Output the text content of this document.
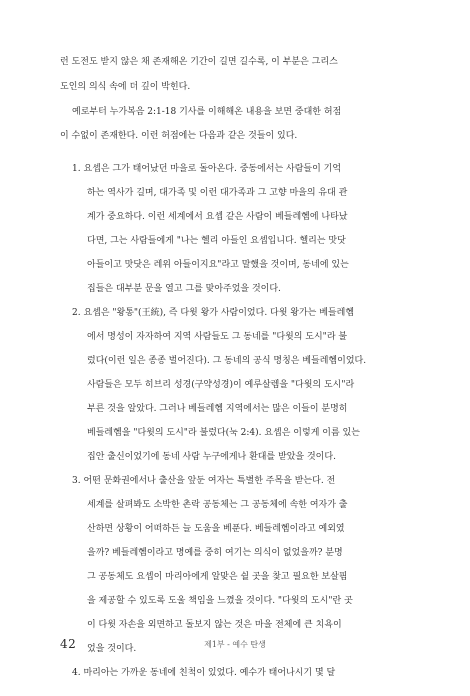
런 도전도 받지 않은 채 존재해온 기간이 길면 길수록, 이 부분은 그리스
도인의 의식 속에 더 깊이 박힌다.
예로부터 누가복음 2:1-18 기사를 이해해온 내용을 보면 중대한 허점
이 수없이 존재한다. 이런 허점에는 다음과 같은 것들이 있다.
1. 요셉은 그가 태어났던 마을로 돌아온다. 중동에서는 사람들이 기억
하는 역사가 길며, 대가족 및 이런 대가족과 그 고향 마을의 유대 관
계가 중요하다. 이런 세계에서 요셉 같은 사람이 베들레헴에 나타났
다면, 그는 사람들에게 "나는 헬리 아들인 요셉입니다. 헬리는 맛닷
아들이고 맛닷은 레위 아들이지요"라고 말했을 것이며, 동네에 있는
집들은 대부분 문을 열고 그를 맞아주었을 것이다.
2. 요셉은 "왕통"(王統), 즉 다윗 왕가 사람이었다. 다윗 왕가는 베들레헴
에서 명성이 자자하여 지역 사람들도 그 동네를 "다윗의 도시"라 불
렀다(이런 일은 종종 벌어진다). 그 동네의 공식 명칭은 베들레헴이었다.
사람들은 모두 히브리 성경(구약성경)이 예루살렘을 "다윗의 도시"라
부른 것을 알았다. 그러나 베들레헴 지역에서는 많은 이들이 분명히
베들레헴을 "다윗의 도시"라 불렀다(눅 2:4). 요셉은 이렇게 이름 있는
집안 출신이었기에 동네 사람 누구에게나 환대를 받았을 것이다.
3. 어떤 문화권에서나 출산을 앞둔 여자는 특별한 주목을 받는다. 전
세계를 살펴봐도 소박한 촌락 공동체는 그 공동체에 속한 여자가 출
산하면 상황이 어떠하든 늘 도움을 베푼다. 베들레헴이라고 예외였
을까? 베들레헴이라고 명예를 중히 여기는 의식이 없었을까? 분명
그 공동체도 요셉이 마리아에게 알맞은 쉴 곳을 찾고 필요한 보살핌
을 제공할 수 있도록 도울 책임을 느꼈을 것이다. "다윗의 도시"란 곳
이 다윗 자손을 외면하고 돌보지 않는 것은 마을 전체에 큰 치욕이
었을 것이다.
4. 마리아는 가까운 동네에 친척이 있었다. 예수가 태어나시기 몇 달
42	제1부 - 예수 탄생
